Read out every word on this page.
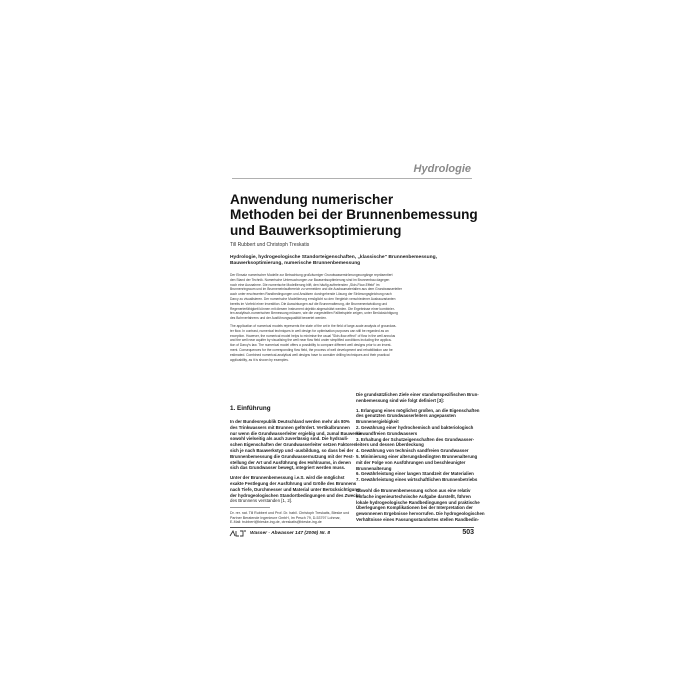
Hydrologie
Anwendung numerischer
Methoden bei der Brunnenbemessung
und Bauwerksoptimierung
Till Rubbert und Christoph Treskatis
Hydrologie, hydrogeologische Standorteigenschaften, „klassische" Brunnenbemessung,
Bauwerksoptimierung, numerische Brunnenbemessung
Der Einsatz numerischer Modelle zur Betrachtung großräumiger Grundwasserströmungsvorgänge repräsentiert
den Stand der Technik. Numerische Untersuchungen zur Bauwerksoptimierung sind im Brunnenbau dagegen
noch eine Ausnahme. Die numerische Modellierung hilft, den häufig auftretenden „Skin-Flow-Effekt" im
Brunnenringraum und im Brunneneinlaufbereich zu vermeiden und die Ausbaumaterialien aus dem Grundwasserleiter
auch unter erschwerten Randbedingungen und Ansätzen durchgehende Lösung der Strömungsgleichung nach
Darcy zu visualisieren. Der numerische Modellierung ermöglicht so den Vergleich verschiedener Ausbauvarianten
bereits im Vorfeld einer Investition. Die Auswirkungen auf die Brunnenalterung, die Brunnenentwicklung und
Regenerierfähigkeit können mit diesem Instrument objektiv abgeschätzt werden. Die Ergebnisse einer kombinier-
ten analytisch-numerischen Bemessung müssen, wie die vorgestellten Fallbeispiele zeigen, unter Berücksichtigung
des Bohrverfahrens und der Ausführungsqualität bewertet werden.
The application of numerical models represents the state of the art in the field of large-scale analysis of groundwa-
ter flow. In contrast, numerical techniques in well design for optimisation purposes can still be regarded as an
exception. However, the numerical model helps to minimise the usual "Skin-flow-effect" of flow in the well annulus
and the well near aquifer by visualising the well near flow field under simplified conditions including the applica-
tion of Darcy's law. The numerical model offers a possibility to compare different well designs prior to an invest-
ment. Consequences for the corresponding flow field, the process of well development and rehabilitation can be
estimated. Combined numerical-analytical well designs have to consider drilling techniques and their practical
applicability, as it is shown by examples.
1. Einführung

In der Bundesrepublik Deutschland werden mehr als 80%
des Trinkwassers mit Brunnen gefördert. Vertikalbrunnen
nur wenn die Grundwasserleiter ergiebig und, zumal Bauwerke
sowohl vielseitig als auch zuverlässig sind. Die hydrauli-
schen Eigenschaften der Grundwasserleiter setzen Faktoren
sich je nach Bauwerkstyp und -ausbildung, so dass bei der
Brunnenbemessung die Grundwassernutzung mit der Fest-
stellung der Art und Ausführung des Hohlraums, in denen
sich das Grundwasser bewegt, integriert werden muss.

Unter der Brunnenbemessung i.e.S. wird die möglichst
exakte Festlegung der Ausführung und Größe des Brunnens
nach Tiefe, Durchmesser und Material unter Berücksichtigung
der hydrogeologischen Standortbedingungen und des Zwecks
des Brunnens verstanden [1, 2].

Die grundsätzlichen Ziele einer standortspezifischen Brun-
nenbemessung sind wie folgt definiert [3]:

1. Erlangung eines möglichst großen, an die Eigenschaften
des genutzten Grundwasserleiters angepassten
Brunnenergiebigkeit
2. Gewährung einer hydrochemisch und bakteriologisch
einwandfreien Grundwassers
3. Erhaltung der Schutzeigenschaften des Grundwasser-
leiters und dessen Überdeckung
4. Gewährung von technisch sandfreien Grundwasser
5. Minimierung einer alterungsbedingten Brunnenalterung
mit der Folge von Ausführungen und beschleunigter
Brunnenalterung
6. Gewährleistung einer langen Standzeit der Materialien
7. Gewährleistung eines wirtschaftlichen Brunnenbetriebs

Obwohl die Brunnenbemessung schon aus eine relativ
einfache ingenieurtechnische Aufgabe darstellt, führen
lokale hydrogeologische Randbedingungen und praktische
Überlegungen Komplikationen bei der Interpretation der
gewonnenen Ergebnisse hervorrufen. Die hydrogeologischen
Verhältnisse eines Fassungsstandortes stellen Randbedin-

Dr. rer. nat. Till Rubbert und Prof. Dr. habil. Christoph Treskatis, Bieske und
Partner Beratende Ingenieure GmbH, Im Pesch 79, D-53797 Lohmar,
E-Mail: trubbert@bieske-ing.de, ctreskatis@bieske-ing.de
Wasser · Abwasser 147 (2006) Nr. 8	503
